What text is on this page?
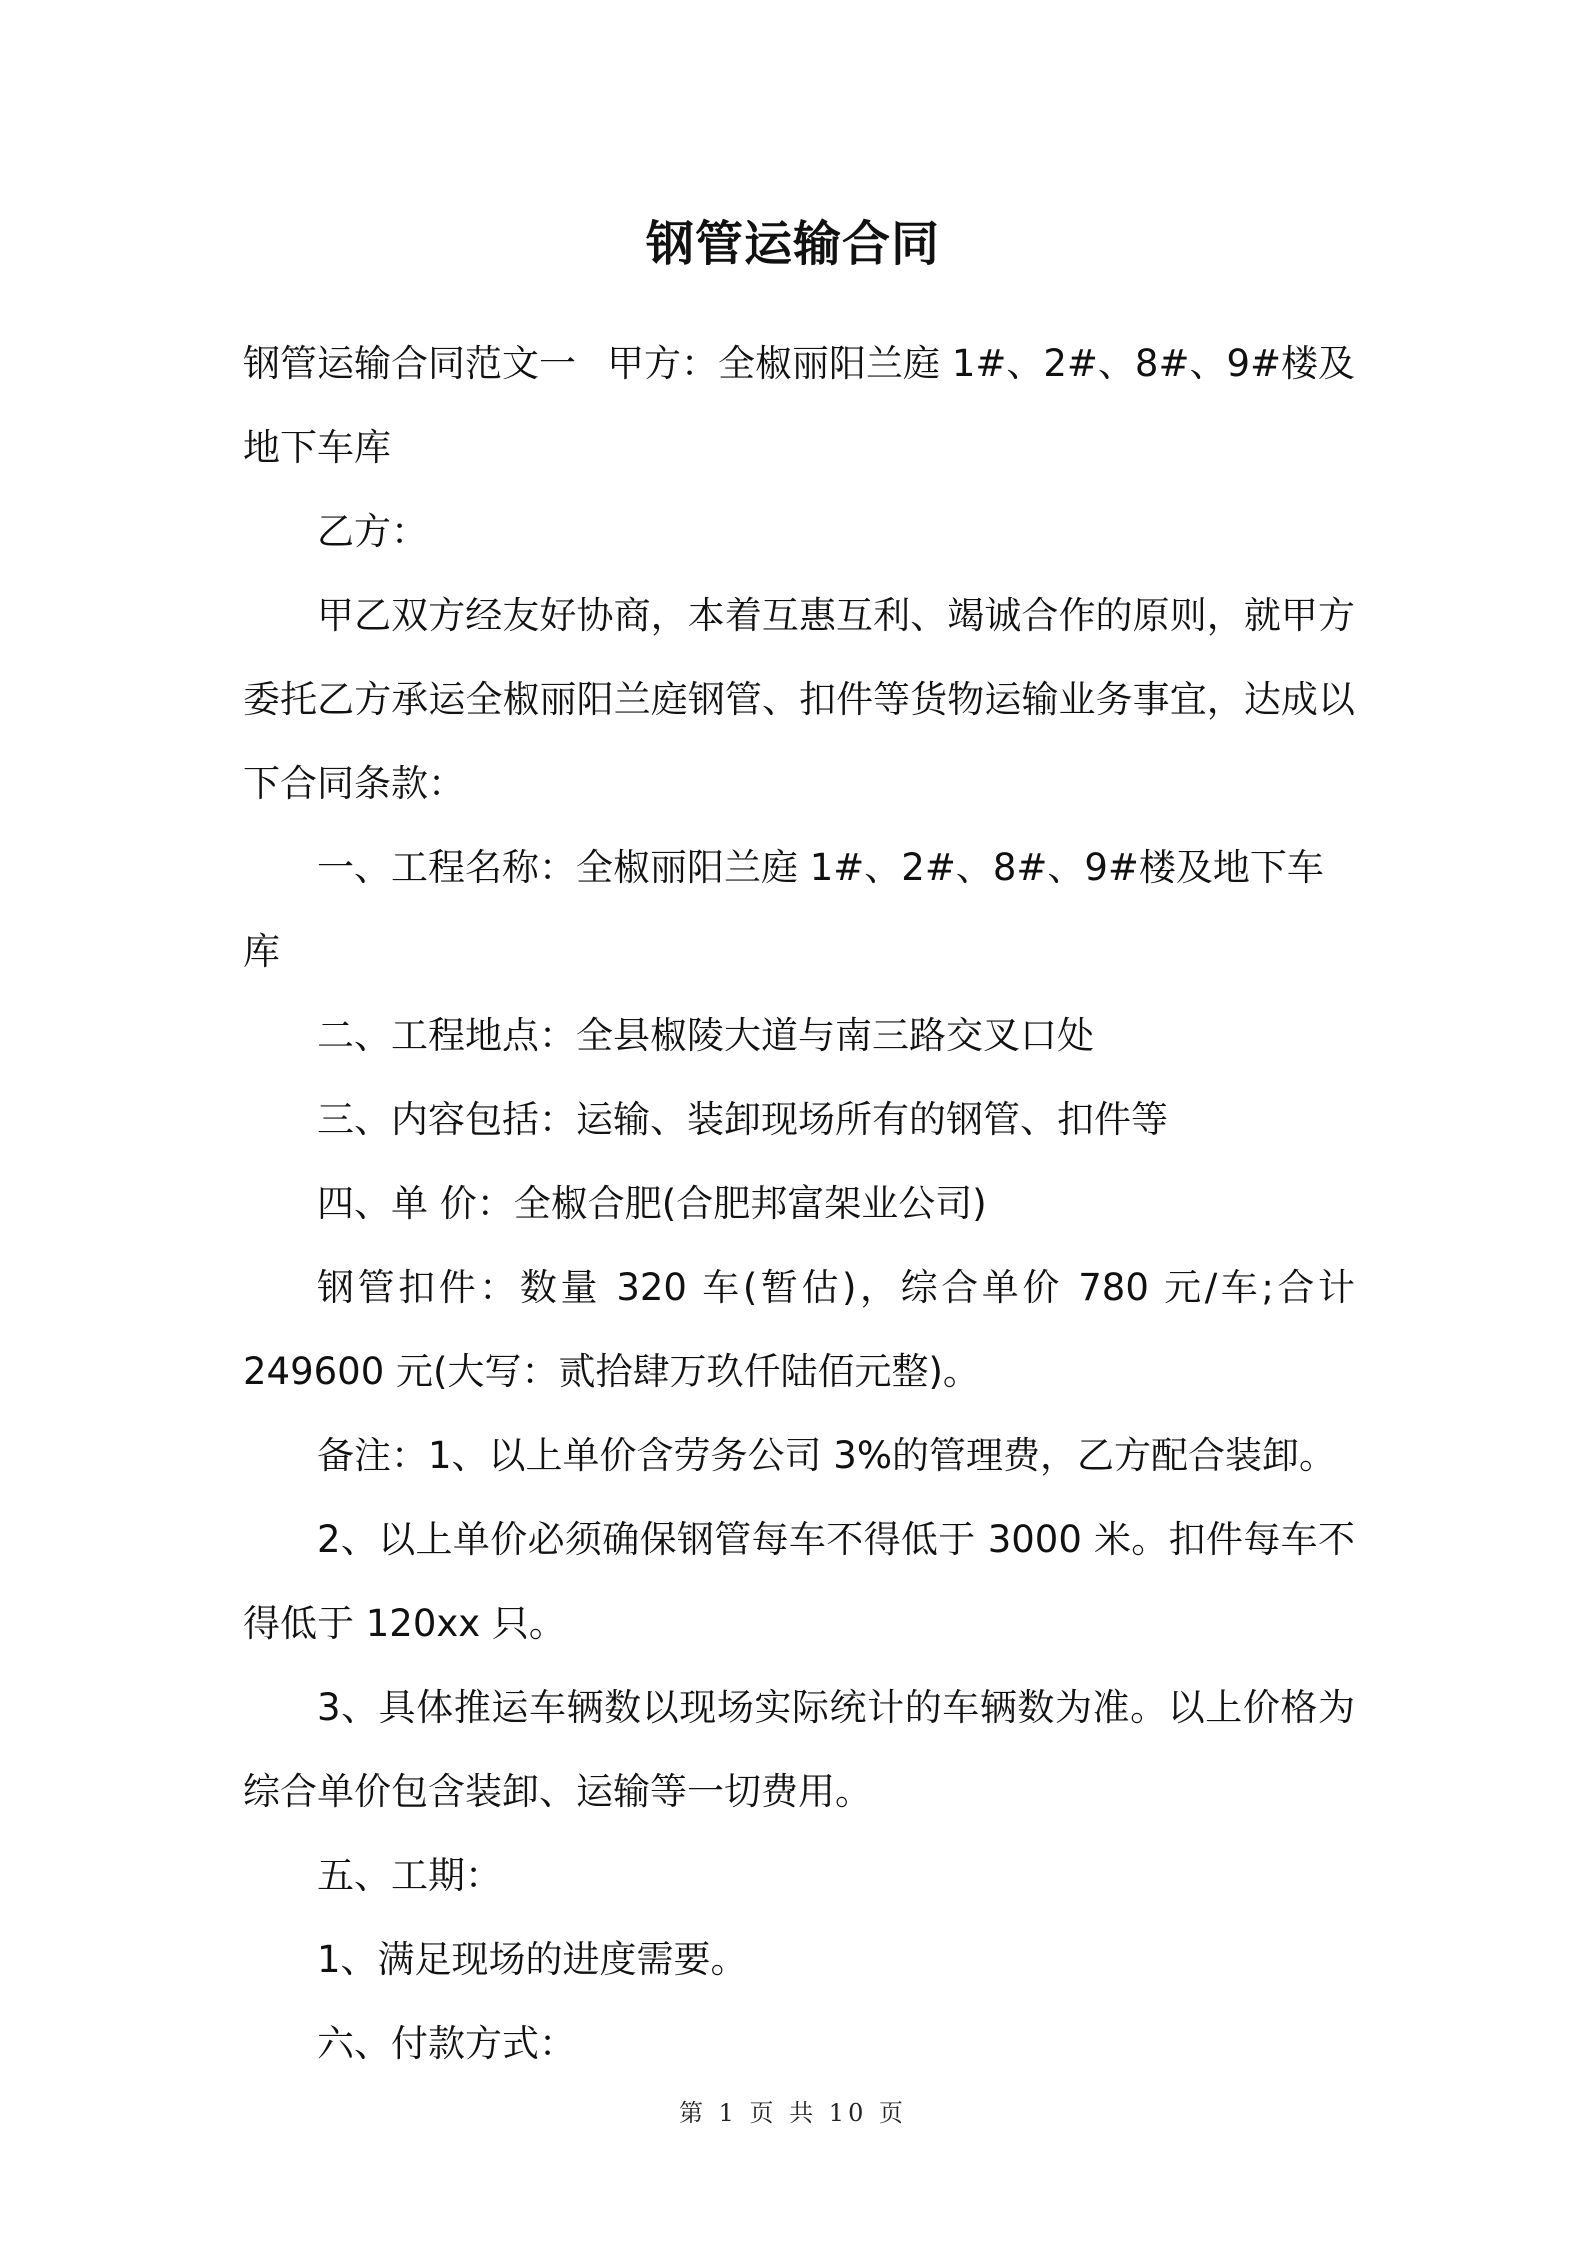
钢管运输合同

钢管运输合同范文一 甲方：全椒丽阳兰庭 1#、2#、8#、9#楼及

地下车库

乙方：

甲乙双方经友好协商，本着互惠互利、竭诚合作的原则，就甲方委托乙方承运全椒丽阳兰庭钢管、扣件等货物运输业务事宜，达成以下合同条款：

一、工程名称：全椒丽阳兰庭 1#、2#、8#、9#楼及地下车库

二、工程地点：全县椒陵大道与南三路交叉口处

三、内容包括：运输、装卸现场所有的钢管、扣件等

四、单 价：全椒合肥(合肥邦富架业公司)

钢管扣件：数量 320 车(暂估)，综合单价 780 元/车;合计 249600 元(大写：贰拾肆万玖仟陆佰元整)。

备注：1、以上单价含劳务公司 3%的管理费，乙方配合装卸。

2、以上单价必须确保钢管每车不得低于 3000 米。扣件每车不得低于 120xx 只。

3、具体推运车辆数以现场实际统计的车辆数为准。以上价格为综合单价包含装卸、运输等一切费用。

五、工期：

1、满足现场的进度需要。

六、付款方式：

第 1 页 共 10 页
